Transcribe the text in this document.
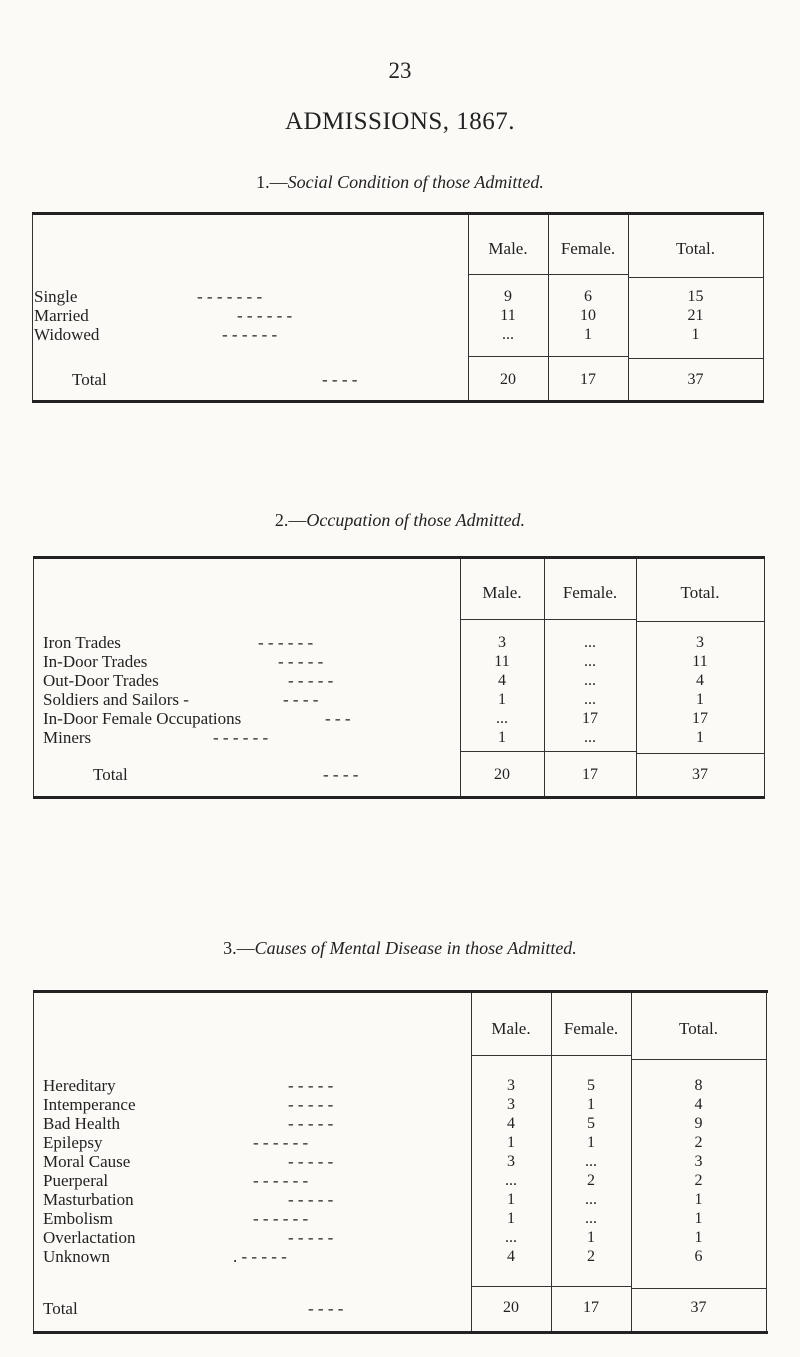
23
ADMISSIONS, 1867.
1.—Social Condition of those Admitted.
Male.	Female.	Total.
Single	- - - - - - -	9	6	15
Married	- - - - - -	11	10	21
Widowed	- - - - - -	...	1	1
Total	- - - -	20	17	37
2.—Occupation of those Admitted.
Male.	Female.	Total.
Iron Trades	- - - - - -	3	...	3
In-Door Trades	- - - - -	11	...	11
Out-Door Trades	- - - - -	4	...	4
Soldiers and Sailors -	- - - -	1	...	1
In-Door Female Occupations	- - -	...	17	17
Miners	- - - - - -	1	...	1
Total	- - - -	20	17	37
3.—Causes of Mental Disease in those Admitted.
Male.	Female.	Total.
Hereditary	- - - - -	3	5	8
Intemperance	- - - - -	3	1	4
Bad Health	- - - - -	4	5	9
Epilepsy	- - - - - -	1	1	2
Moral Cause	- - - - -	3	...	3
Puerperal	- - - - - -	...	2	2
Masturbation	- - - - -	1	...	1
Embolism	- - - - - -	1	...	1
Overlactation	- - - - -	...	1	1
Unknown	. - - - - -	4	2	6
Total	- - - -	20	17	37
